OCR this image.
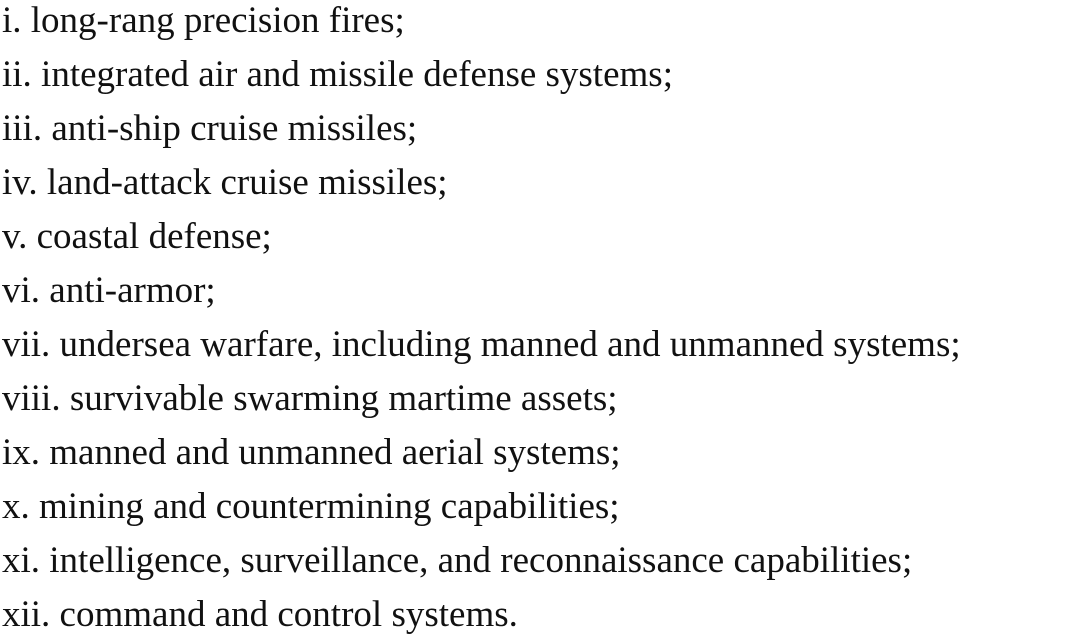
i. long-rang precision fires;
ii. integrated air and missile defense systems;
iii. anti-ship cruise missiles;
iv. land-attack cruise missiles;
v. coastal defense;
vi. anti-armor;
vii. undersea warfare, including manned and unmanned systems;
viii. survivable swarming martime assets;
ix. manned and unmanned aerial systems;
x. mining and countermining capabilities;
xi. intelligence, surveillance, and reconnaissance capabilities;
xii. command and control systems.
